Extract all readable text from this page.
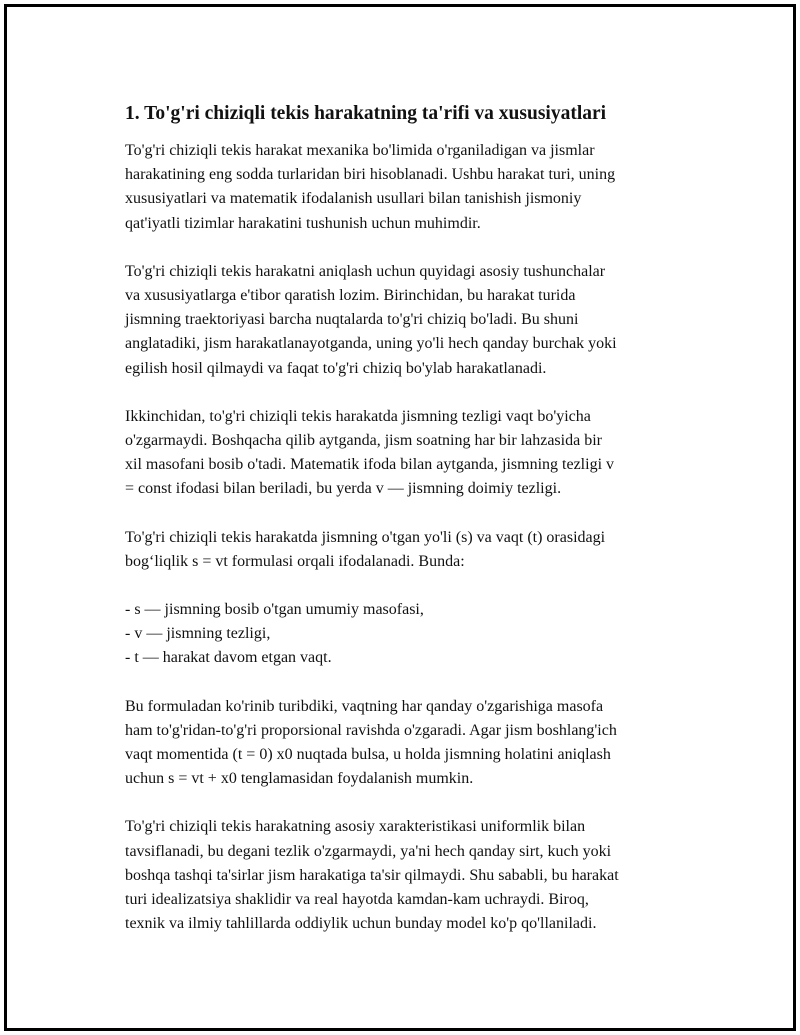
1. To'g'ri chiziqli tekis harakatning ta'rifi va xususiyatlari

To'g'ri chiziqli tekis harakat mexanika bo'limida o'rganiladigan va jismlar
harakatining eng sodda turlaridan biri hisoblanadi. Ushbu harakat turi, uning
xususiyatlari va matematik ifodalanish usullari bilan tanishish jismoniy
qat'iyatli tizimlar harakatini tushunish uchun muhimdir.

To'g'ri chiziqli tekis harakatni aniqlash uchun quyidagi asosiy tushunchalar
va xususiyatlarga e'tibor qaratish lozim. Birinchidan, bu harakat turida
jismning traektoriyasi barcha nuqtalarda to'g'ri chiziq bo'ladi. Bu shuni
anglatadiki, jism harakatlanayotganda, uning yo'li hech qanday burchak yoki
egilish hosil qilmaydi va faqat to'g'ri chiziq bo'ylab harakatlanadi.

Ikkinchidan, to'g'ri chiziqli tekis harakatda jismning tezligi vaqt bo'yicha
o'zgarmaydi. Boshqacha qilib aytganda, jism soatning har bir lahzasida bir
xil masofani bosib o'tadi. Matematik ifoda bilan aytganda, jismning tezligi v
= const ifodasi bilan beriladi, bu yerda v — jismning doimiy tezligi.

To'g'ri chiziqli tekis harakatda jismning o'tgan yo'li (s) va vaqt (t) orasidagi
bog‘liqlik s = vt formulasi orqali ifodalanadi. Bunda:

- s — jismning bosib o'tgan umumiy masofasi,
- v — jismning tezligi,
- t — harakat davom etgan vaqt.

Bu formuladan ko'rinib turibdiki, vaqtning har qanday o'zgarishiga masofa
ham to'g'ridan-to'g'ri proporsional ravishda o'zgaradi. Agar jism boshlang'ich
vaqt momentida (t = 0) x0 nuqtada bulsa, u holda jismning holatini aniqlash
uchun s = vt + x0 tenglamasidan foydalanish mumkin.

To'g'ri chiziqli tekis harakatning asosiy xarakteristikasi uniformlik bilan
tavsiflanadi, bu degani tezlik o'zgarmaydi, ya'ni hech qanday sirt, kuch yoki
boshqa tashqi ta'sirlar jism harakatiga ta'sir qilmaydi. Shu sababli, bu harakat
turi idealizatsiya shaklidir va real hayotda kamdan-kam uchraydi. Biroq,
texnik va ilmiy tahlillarda oddiylik uchun bunday model ko'p qo'llaniladi.
